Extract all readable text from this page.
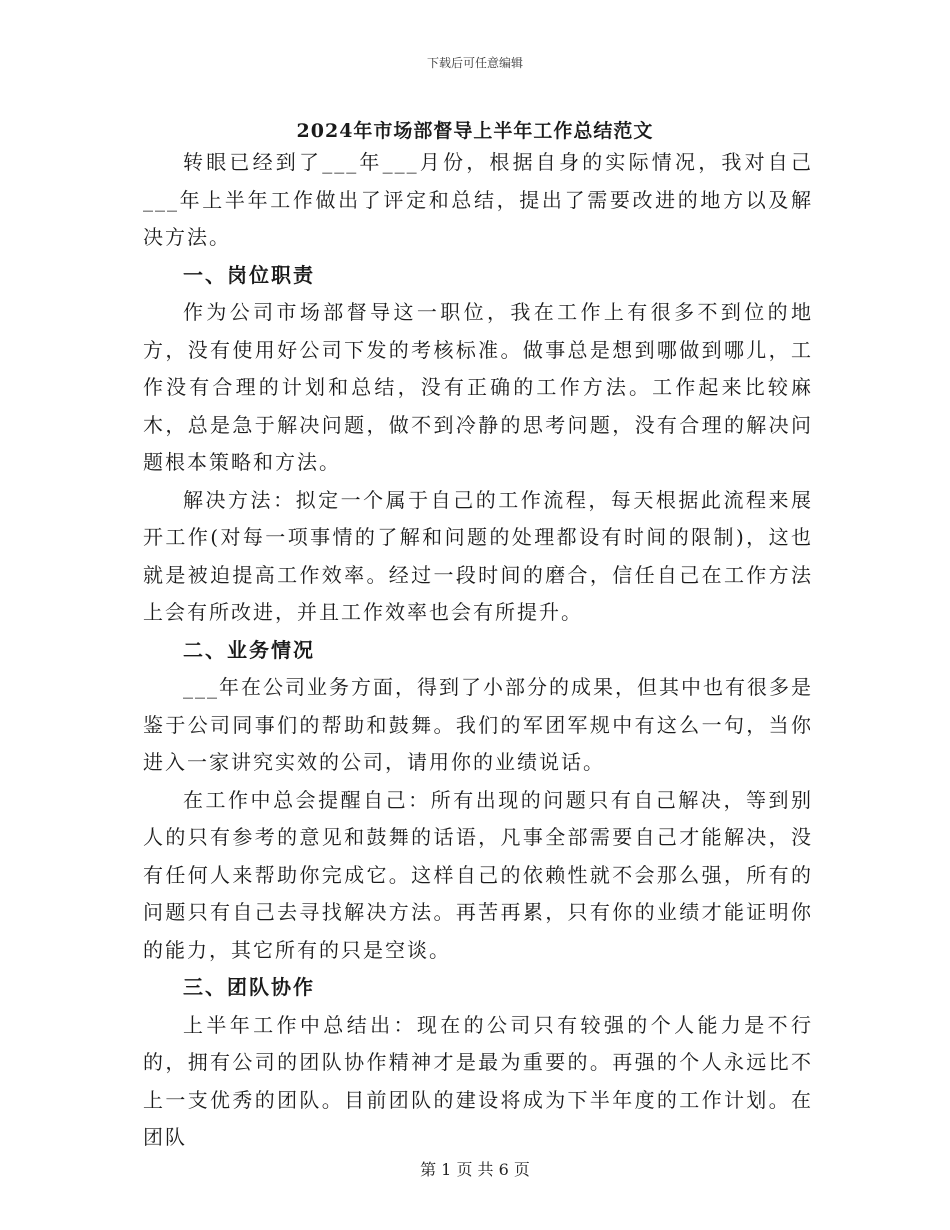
下载后可任意编辑
2024年市场部督导上半年工作总结范文

转眼已经到了___年___月份，根据自身的实际情况，我对自己___年上半年工作做出了评定和总结，提出了需要改进的地方以及解决方法。

一、岗位职责

作为公司市场部督导这一职位，我在工作上有很多不到位的地方，没有使用好公司下发的考核标准。做事总是想到哪做到哪儿，工作没有合理的计划和总结，没有正确的工作方法。工作起来比较麻木，总是急于解决问题，做不到冷静的思考问题，没有合理的解决问题根本策略和方法。

解决方法：拟定一个属于自己的工作流程，每天根据此流程来展开工作(对每一项事情的了解和问题的处理都设有时间的限制)，这也就是被迫提高工作效率。经过一段时间的磨合，信任自己在工作方法上会有所改进，并且工作效率也会有所提升。

二、业务情况

___年在公司业务方面，得到了小部分的成果，但其中也有很多是鉴于公司同事们的帮助和鼓舞。我们的军团军规中有这么一句，当你进入一家讲究实效的公司，请用你的业绩说话。

在工作中总会提醒自己：所有出现的问题只有自己解决，等到别人的只有参考的意见和鼓舞的话语，凡事全部需要自己才能解决，没有任何人来帮助你完成它。这样自己的依赖性就不会那么强，所有的问题只有自己去寻找解决方法。再苦再累，只有你的业绩才能证明你的能力，其它所有的只是空谈。

三、团队协作

上半年工作中总结出：现在的公司只有较强的个人能力是不行的，拥有公司的团队协作精神才是最为重要的。再强的个人永远比不上一支优秀的团队。目前团队的建设将成为下半年度的工作计划。在团队

第 1 页 共 6 页
